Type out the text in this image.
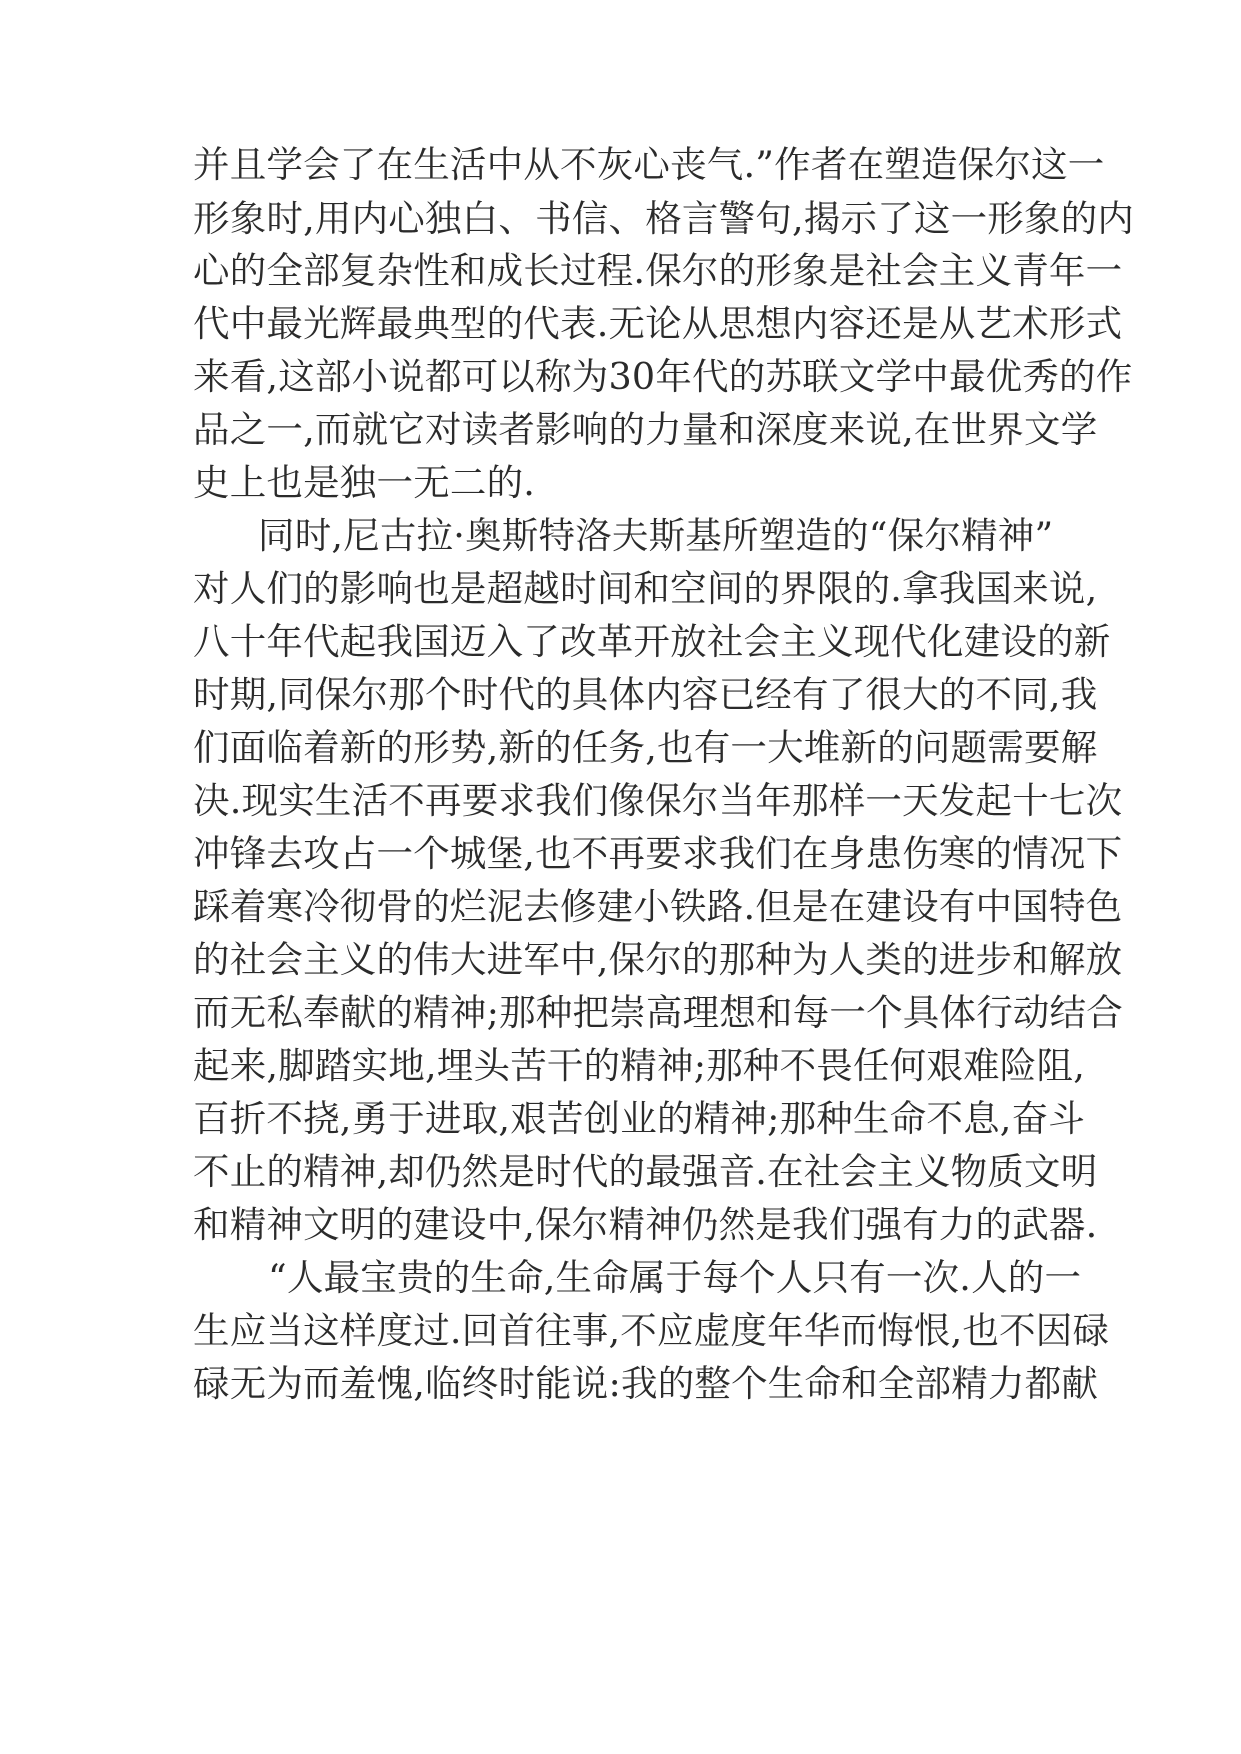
并且学会了在生活中从不灰心丧气.”作者在塑造保尔这一
形象时,用内心独白、书信、格言警句,揭示了这一形象的内
心的全部复杂性和成长过程.保尔的形象是社会主义青年一
代中最光辉最典型的代表.无论从思想内容还是从艺术形式
来看,这部小说都可以称为30年代的苏联文学中最优秀的作
品之一,而就它对读者影响的力量和深度来说,在世界文学
史上也是独一无二的.
同时,尼古拉·奥斯特洛夫斯基所塑造的“保尔精神”
对人们的影响也是超越时间和空间的界限的.拿我国来说,
八十年代起我国迈入了改革开放社会主义现代化建设的新
时期,同保尔那个时代的具体内容已经有了很大的不同,我
们面临着新的形势,新的任务,也有一大堆新的问题需要解
决.现实生活不再要求我们像保尔当年那样一天发起十七次
冲锋去攻占一个城堡,也不再要求我们在身患伤寒的情况下
踩着寒冷彻骨的烂泥去修建小铁路.但是在建设有中国特色
的社会主义的伟大进军中,保尔的那种为人类的进步和解放
而无私奉献的精神;那种把崇高理想和每一个具体行动结合
起来,脚踏实地,埋头苦干的精神;那种不畏任何艰难险阻,
百折不挠,勇于进取,艰苦创业的精神;那种生命不息,奋斗
不止的精神,却仍然是时代的最强音.在社会主义物质文明
和精神文明的建设中,保尔精神仍然是我们强有力的武器.
“人最宝贵的生命,生命属于每个人只有一次.人的一
生应当这样度过.回首往事,不应虚度年华而悔恨,也不因碌
碌无为而羞愧,临终时能说:我的整个生命和全部精力都献
